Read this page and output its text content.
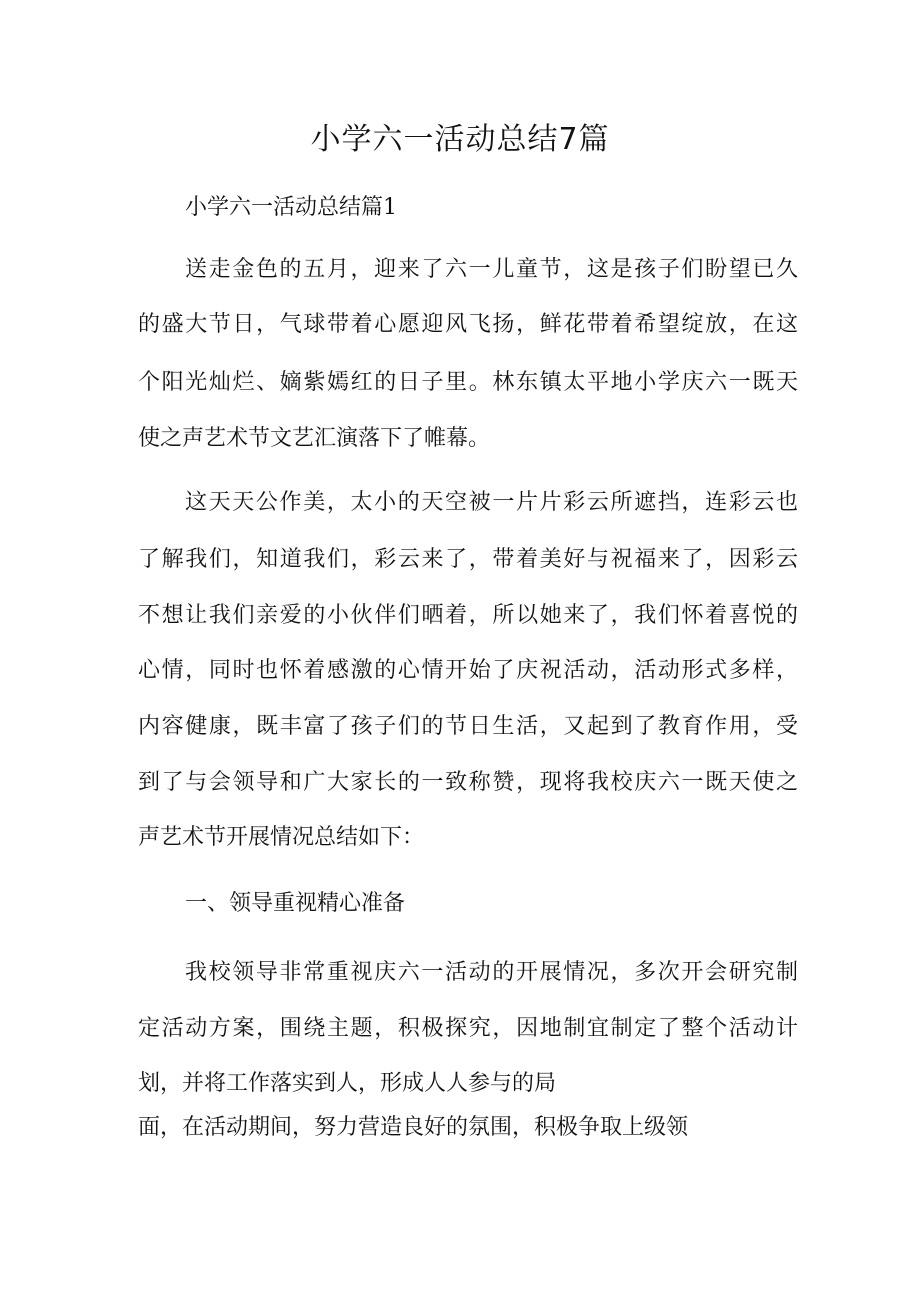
小学六一活动总结7篇
小学六一活动总结篇1
送走金色的五月，迎来了六一儿童节，这是孩子们盼望已久
的盛大节日，气球带着心愿迎风飞扬，鲜花带着希望绽放，在这
个阳光灿烂、嫡紫嫣红的日子里。林东镇太平地小学庆六一既天
使之声艺术节文艺汇演落下了帷幕。
这天天公作美，太小的天空被一片片彩云所遮挡，连彩云也
了解我们，知道我们，彩云来了，带着美好与祝福来了，因彩云
不想让我们亲爱的小伙伴们晒着，所以她来了，我们怀着喜悦的
心情，同时也怀着感激的心情开始了庆祝活动，活动形式多样，
内容健康，既丰富了孩子们的节日生活，又起到了教育作用，受
到了与会领导和广大家长的一致称赞，现将我校庆六一既天使之
声艺术节开展情况总结如下：
一、领导重视精心准备
我校领导非常重视庆六一活动的开展情况，多次开会研究制
定活动方案，围绕主题，积极探究，因地制宜制定了整个活动计
划，并将工作落实到人，形成人人参与的局
面，在活动期间，努力营造良好的氛围，积极争取上级领
